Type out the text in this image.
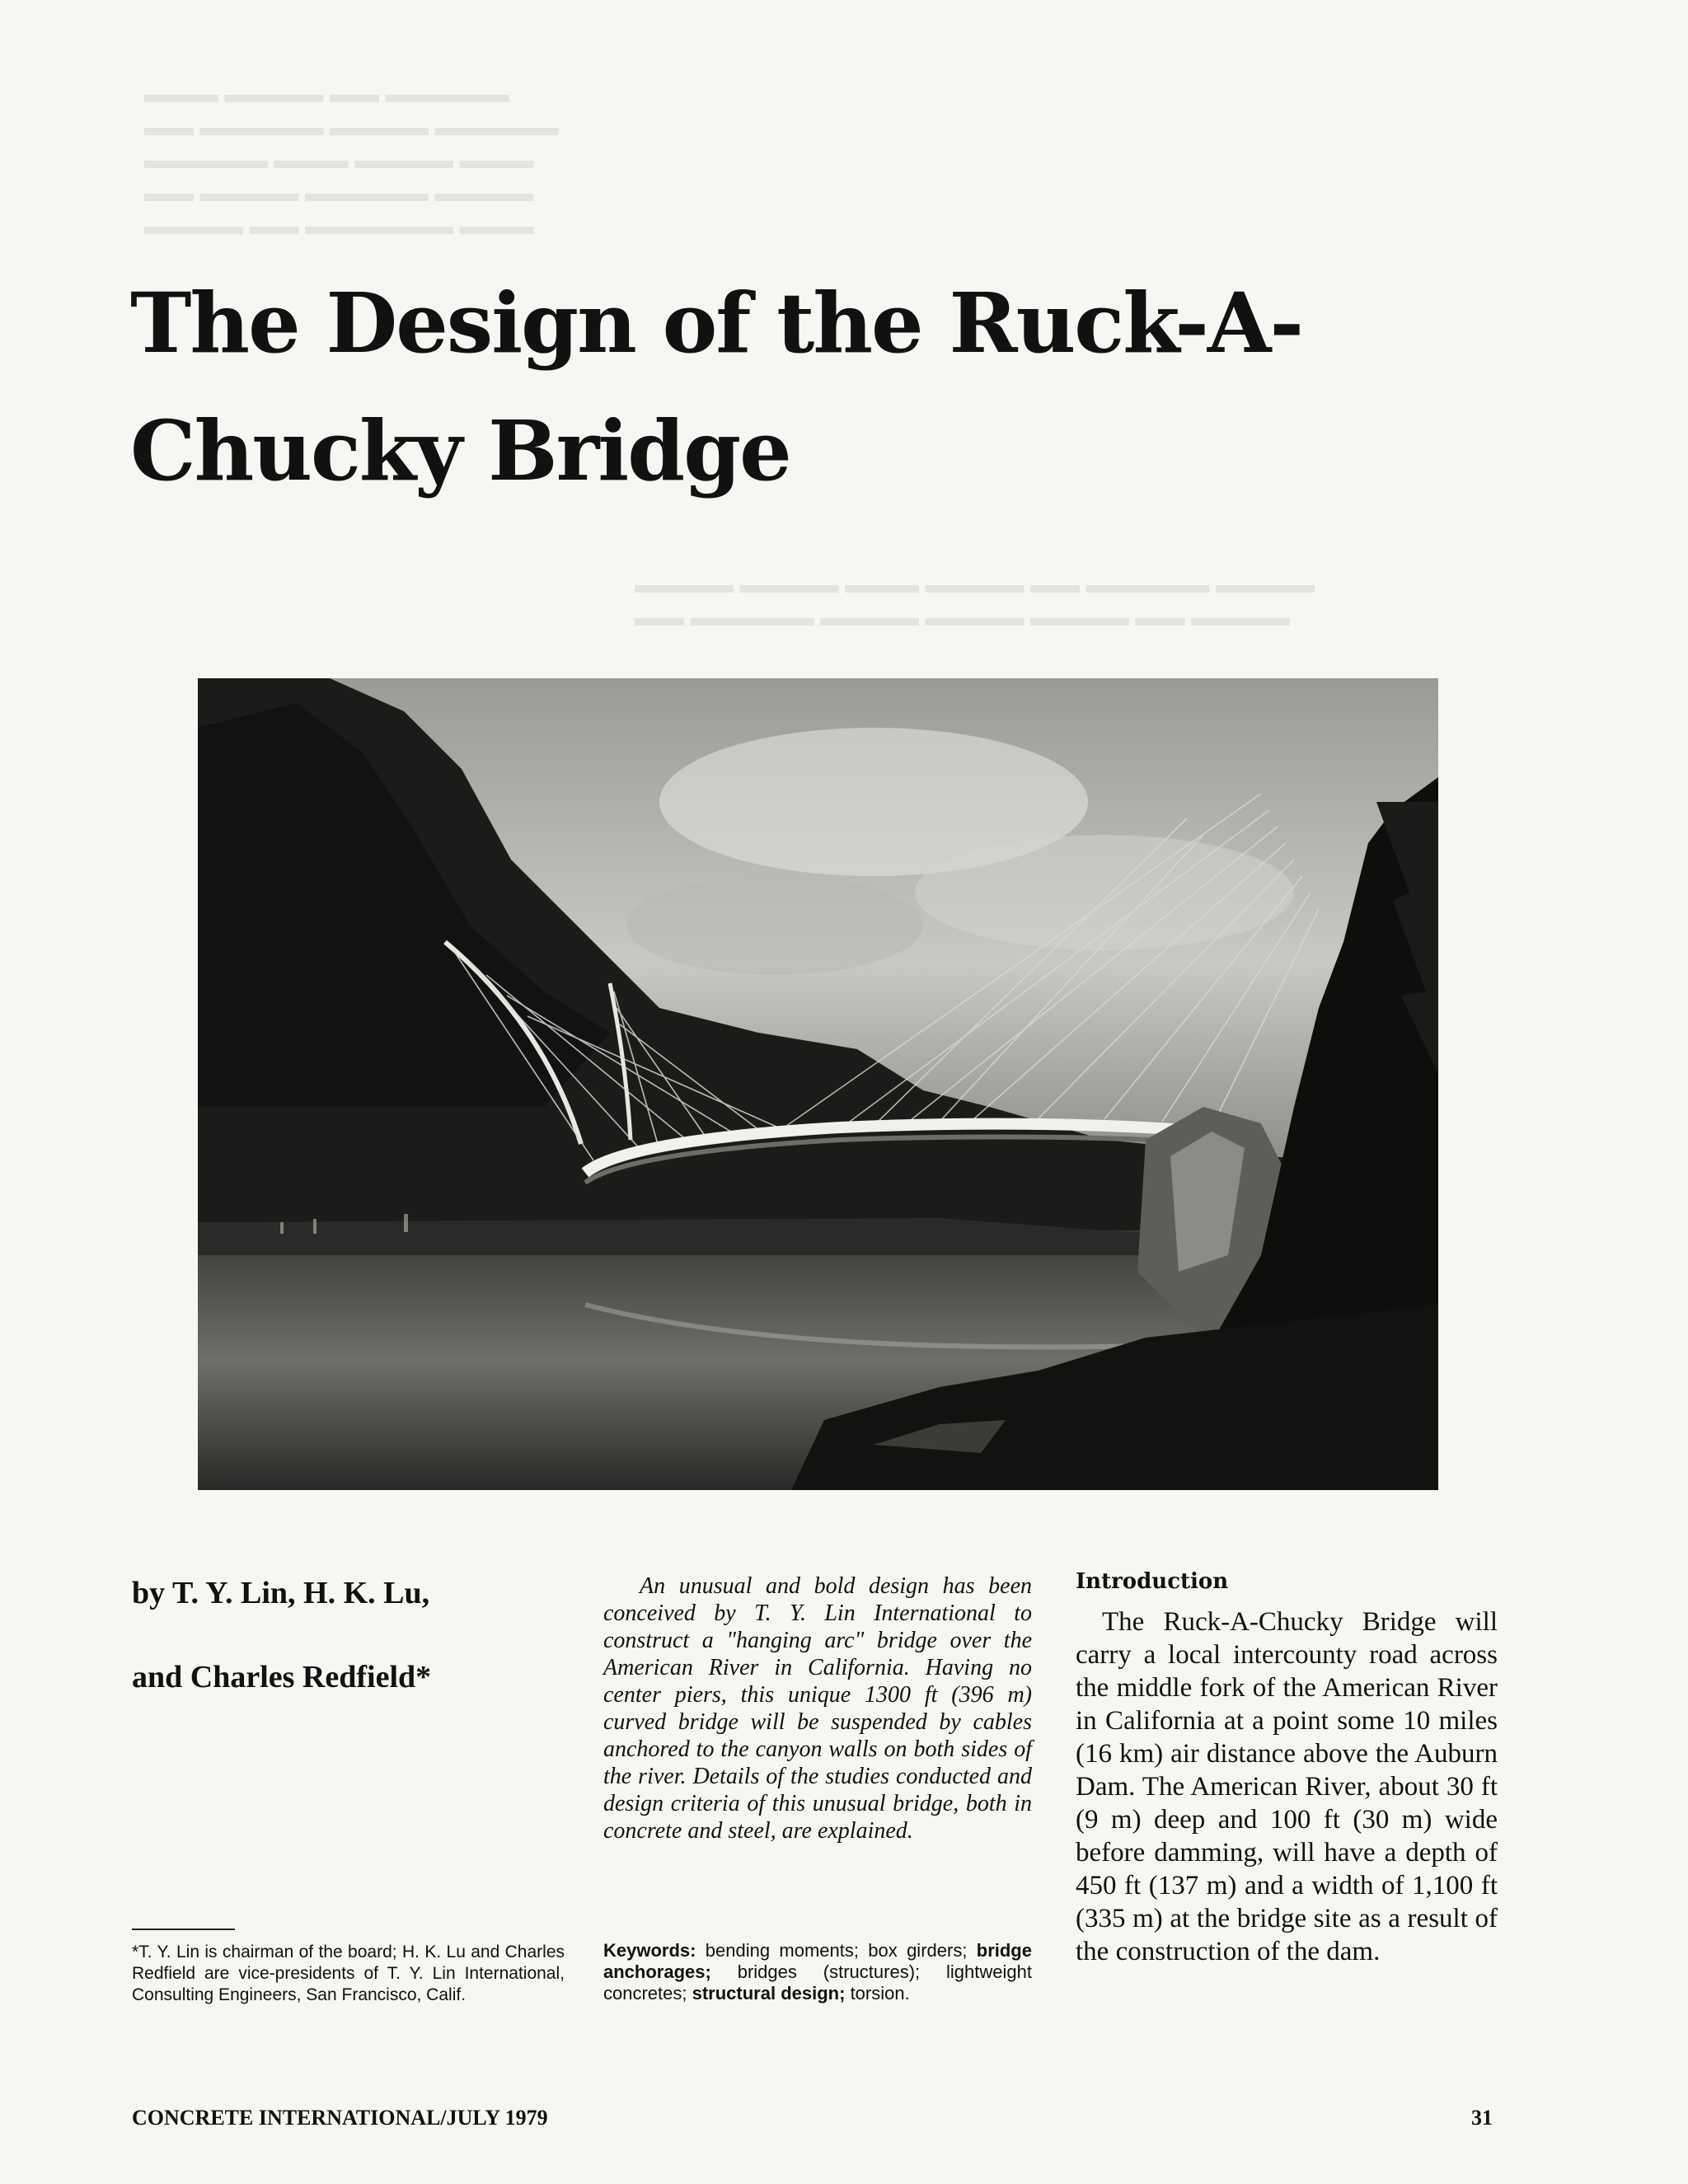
▬▬▬ ▬▬▬▬ ▬▬ ▬▬▬▬▬
▬▬ ▬▬▬▬▬ ▬▬▬▬ ▬▬▬▬▬
▬▬▬▬▬ ▬▬▬ ▬▬▬▬ ▬▬▬
▬▬ ▬▬▬▬ ▬▬▬▬▬ ▬▬▬▬
▬▬▬▬ ▬▬ ▬▬▬▬▬▬ ▬▬▬
▬▬▬▬ ▬▬▬▬ ▬▬▬ ▬▬▬▬ ▬▬ ▬▬▬▬▬ ▬▬▬▬
▬▬ ▬▬▬▬▬ ▬▬▬▬ ▬▬▬▬ ▬▬▬▬ ▬▬ ▬▬▬▬
The Design of the Ruck-A-Chucky Bridge
by T. Y. Lin, H. K. Lu,
and Charles Redfield*

*T. Y. Lin is chairman of the board; H. K. Lu and Charles Redfield are vice-presidents of T. Y. Lin International, Consulting Engineers, San Francisco, Calif.

An unusual and bold design has been conceived by T. Y. Lin International to construct a "hanging arc" bridge over the American River in California. Having no center piers, this unique 1300 ft (396 m) curved bridge will be suspended by cables anchored to the canyon walls on both sides of the river. Details of the studies conducted and design criteria of this unusual bridge, both in concrete and steel, are explained.

Keywords: bending moments; box girders; bridge anchorages; bridges (structures); lightweight concretes; structural design; torsion.

Introduction

The Ruck-A-Chucky Bridge will carry a local intercounty road across the middle fork of the American River in California at a point some 10 miles (16 km) air distance above the Auburn Dam. The American River, about 30 ft (9 m) deep and 100 ft (30 m) wide before damming, will have a depth of 450 ft (137 m) and a width of 1,100 ft (335 m) at the bridge site as a result of the construction of the dam.

CONCRETE INTERNATIONAL/JULY 1979	31
